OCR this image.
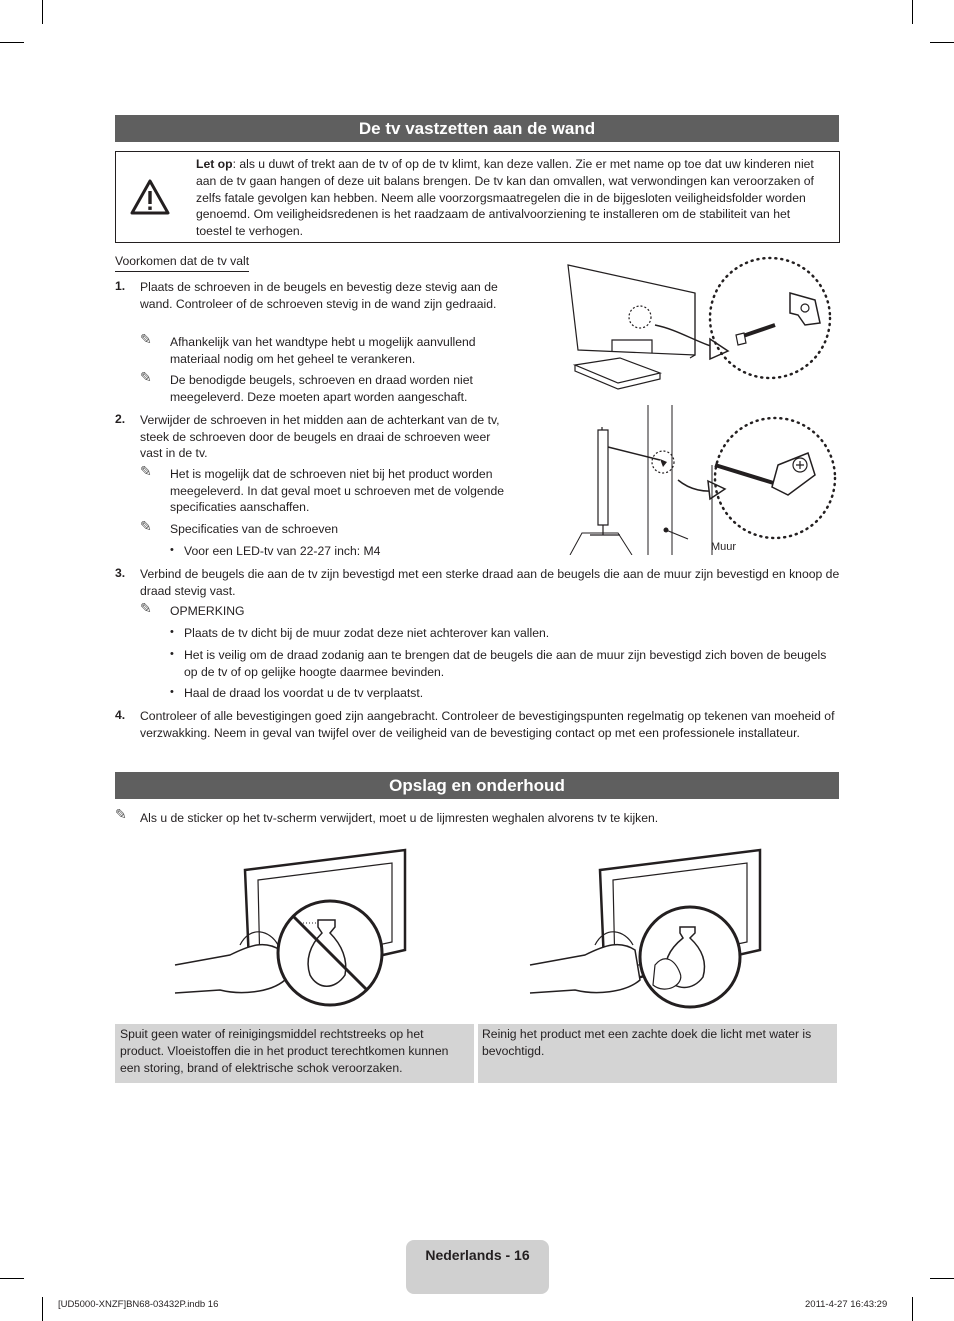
De tv vastzetten aan de wand
Let op: als u duwt of trekt aan de tv of op de tv klimt, kan deze vallen. Zie er met name op toe dat uw kinderen niet aan de tv gaan hangen of deze uit balans brengen. De tv kan dan omvallen, wat verwondingen kan veroorzaken of zelfs fatale gevolgen kan hebben. Neem alle voorzorgsmaatregelen die in de bijgesloten veiligheidsfolder worden genoemd. Om veiligheidsredenen is het raadzaam de antivalvoorziening te installeren om de stabiliteit van het toestel te verhogen.
Voorkomen dat de tv valt
1. Plaats de schroeven in de beugels en bevestig deze stevig aan de wand. Controleer of de schroeven stevig in de wand zijn gedraaid.
✎ Afhankelijk van het wandtype hebt u mogelijk aanvullend materiaal nodig om het geheel te verankeren.
✎ De benodigde beugels, schroeven en draad worden niet meegeleverd. Deze moeten apart worden aangeschaft.
2. Verwijder de schroeven in het midden aan de achterkant van de tv, steek de schroeven door de beugels en draai de schroeven weer vast in de tv.
✎ Het is mogelijk dat de schroeven niet bij het product worden meegeleverd. In dat geval moet u schroeven met de volgende specificaties aanschaffen.
✎ Specificaties van de schroeven
• Voor een LED-tv van 22-27 inch: M4	Muur
3. Verbind de beugels die aan de tv zijn bevestigd met een sterke draad aan de beugels die aan de muur zijn bevestigd en knoop de draad stevig vast.
✎ OPMERKING
• Plaats de tv dicht bij de muur zodat deze niet achterover kan vallen.
• Het is veilig om de draad zodanig aan te brengen dat de beugels die aan de muur zijn bevestigd zich boven de beugels op de tv of op gelijke hoogte daarmee bevinden.
• Haal de draad los voordat u de tv verplaatst.
4. Controleer of alle bevestigingen goed zijn aangebracht. Controleer de bevestigingspunten regelmatig op tekenen van moeheid of verzwakking. Neem in geval van twijfel over de veiligheid van de bevestiging contact op met een professionele installateur.
Opslag en onderhoud
✎ Als u de sticker op het tv-scherm verwijdert, moet u de lijmresten weghalen alvorens tv te kijken.
Spuit geen water of reinigingsmiddel rechtstreeks op het product. Vloeistoffen die in het product terechtkomen kunnen een storing, brand of elektrische schok veroorzaken.
Reinig het product met een zachte doek die licht met water is bevochtigd.
Nederlands - 16
[UD5000-XNZF]BN68-03432P.indb 16	2011-4-27 16:43:29
